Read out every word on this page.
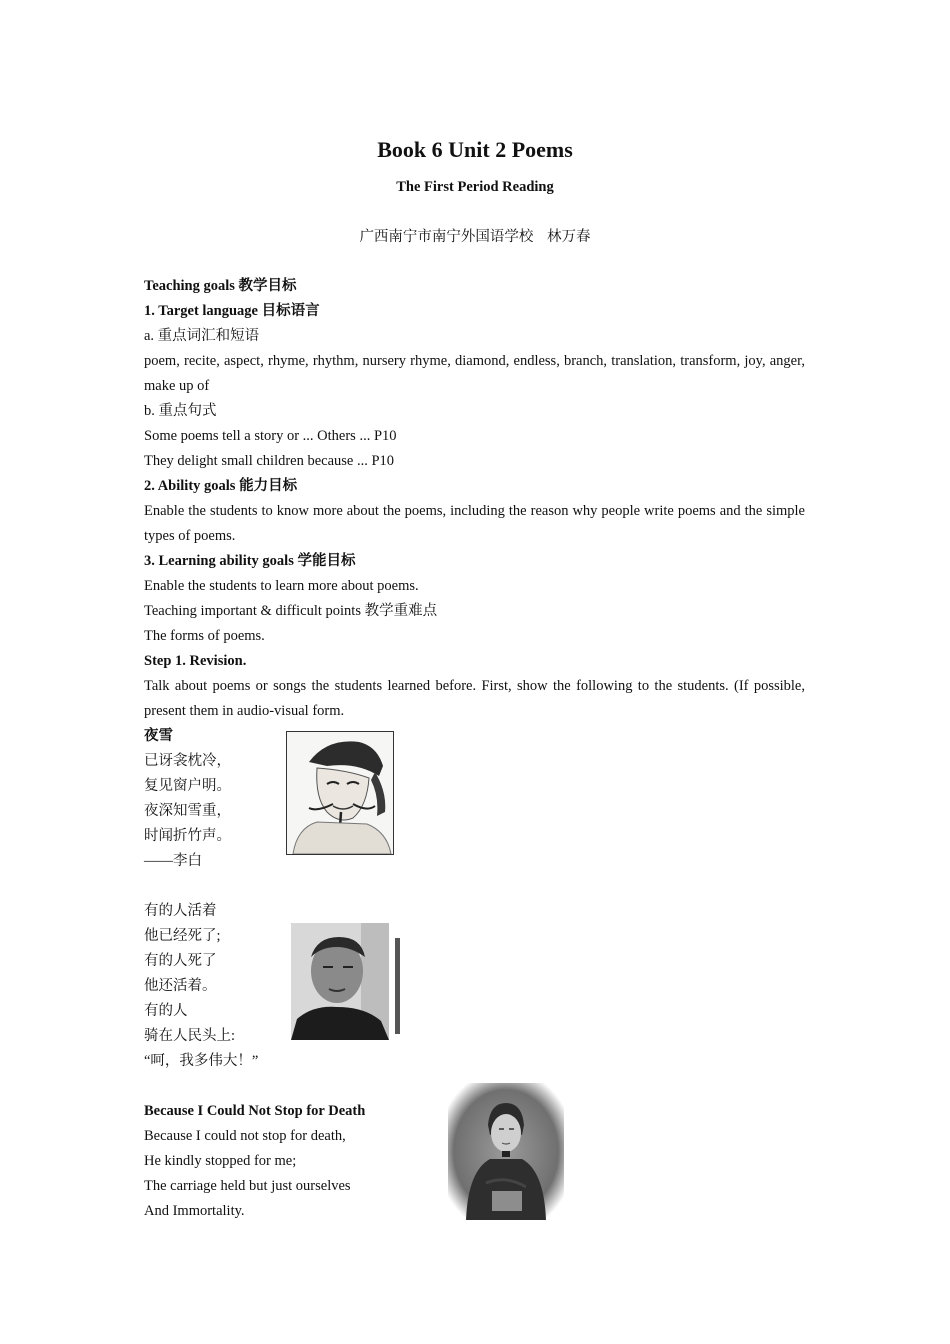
Book 6 Unit 2 Poems
The First Period Reading
广西南宁市南宁外国语学校 林万春

Teaching goals 教学目标

1. Target language 目标语言

a. 重点词汇和短语

poem, recite, aspect, rhyme, rhythm, nursery rhyme, diamond, endless, branch, translation, transform, joy, anger, make up of

b. 重点句式

Some poems tell a story or ... Others ... P10

They delight small children because ... P10

2. Ability goals 能力目标

Enable the students to know more about the poems, including the reason why people write poems and the simple types of poems.

3. Learning ability goals 学能目标

Enable the students to learn more about poems.

Teaching important & difficult points 教学重难点

The forms of poems.

Step 1. Revision.

Talk about poems or songs the students learned before. First, show the following to the students. (If possible, present them in audio-visual form.

夜雪

已讶衾枕冷，

复见窗户明。

夜深知雪重，

时闻折竹声。

——李白

有的人活着

他已经死了;

有的人死了

他还活着。

有的人

骑在人民头上:

“呵，我多伟大！”

Because I Could Not Stop for Death

Because I could not stop for death,

He kindly stopped for me;

The carriage held but just ourselves

And Immortality.
